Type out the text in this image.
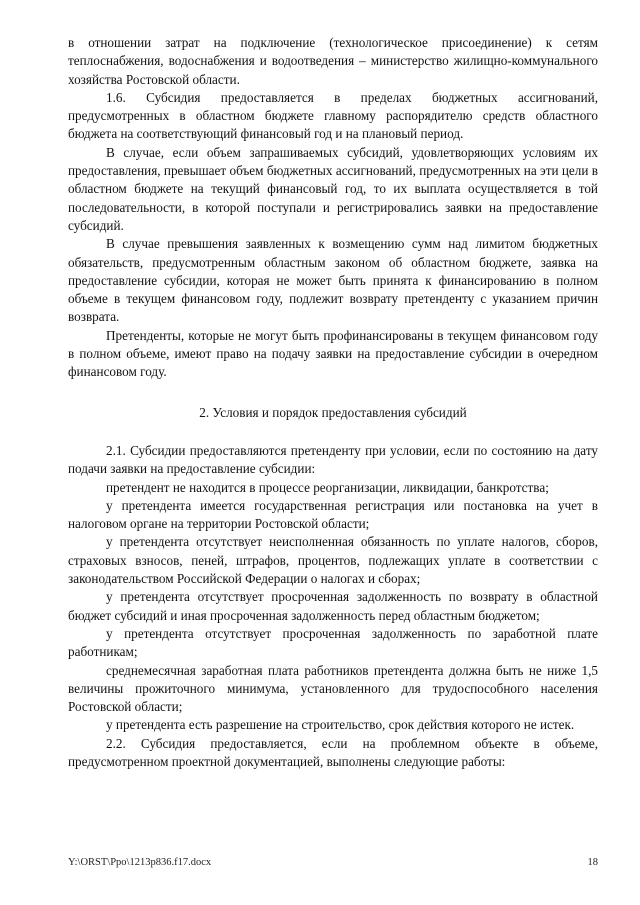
в отношении затрат на подключение (технологическое присоединение) к сетям теплоснабжения, водоснабжения и водоотведения – министерство жилищно-коммунального хозяйства Ростовской области.

1.6. Субсидия предоставляется в пределах бюджетных ассигнований, предусмотренных в областном бюджете главному распорядителю средств областного бюджета на соответствующий финансовый год и на плановый период.

В случае, если объем запрашиваемых субсидий, удовлетворяющих условиям их предоставления, превышает объем бюджетных ассигнований, предусмотренных на эти цели в областном бюджете на текущий финансовый год, то их выплата осуществляется в той последовательности, в которой поступали и регистрировались заявки на предоставление субсидий.

В случае превышения заявленных к возмещению сумм над лимитом бюджетных обязательств, предусмотренным областным законом об областном бюджете, заявка на предоставление субсидии, которая не может быть принята к финансированию в полном объеме в текущем финансовом году, подлежит возврату претенденту с указанием причин возврата.

Претенденты, которые не могут быть профинансированы в текущем финансовом году в полном объеме, имеют право на подачу заявки на предоставление субсидии в очередном финансовом году.

2. Условия и порядок предоставления субсидий

2.1. Субсидии предоставляются претенденту при условии, если по состоянию на дату подачи заявки на предоставление субсидии:

претендент не находится в процессе реорганизации, ликвидации, банкротства;

у претендента имеется государственная регистрация или постановка на учет в налоговом органе на территории Ростовской области;

у претендента отсутствует неисполненная обязанность по уплате налогов, сборов, страховых взносов, пеней, штрафов, процентов, подлежащих уплате в соответствии с законодательством Российской Федерации о налогах и сборах;

у претендента отсутствует просроченная задолженность по возврату в областной бюджет субсидий и иная просроченная задолженность перед областным бюджетом;

у претендента отсутствует просроченная задолженность по заработной плате работникам;

среднемесячная заработная плата работников претендента должна быть не ниже 1,5 величины прожиточного минимума, установленного для трудоспособного населения Ростовской области;

у претендента есть разрешение на строительство, срок действия которого не истек.

2.2. Субсидия предоставляется, если на проблемном объекте в объеме, предусмотренном проектной документацией, выполнены следующие работы:

Y:\ORST\Ppo\1213p836.f17.docx	18
